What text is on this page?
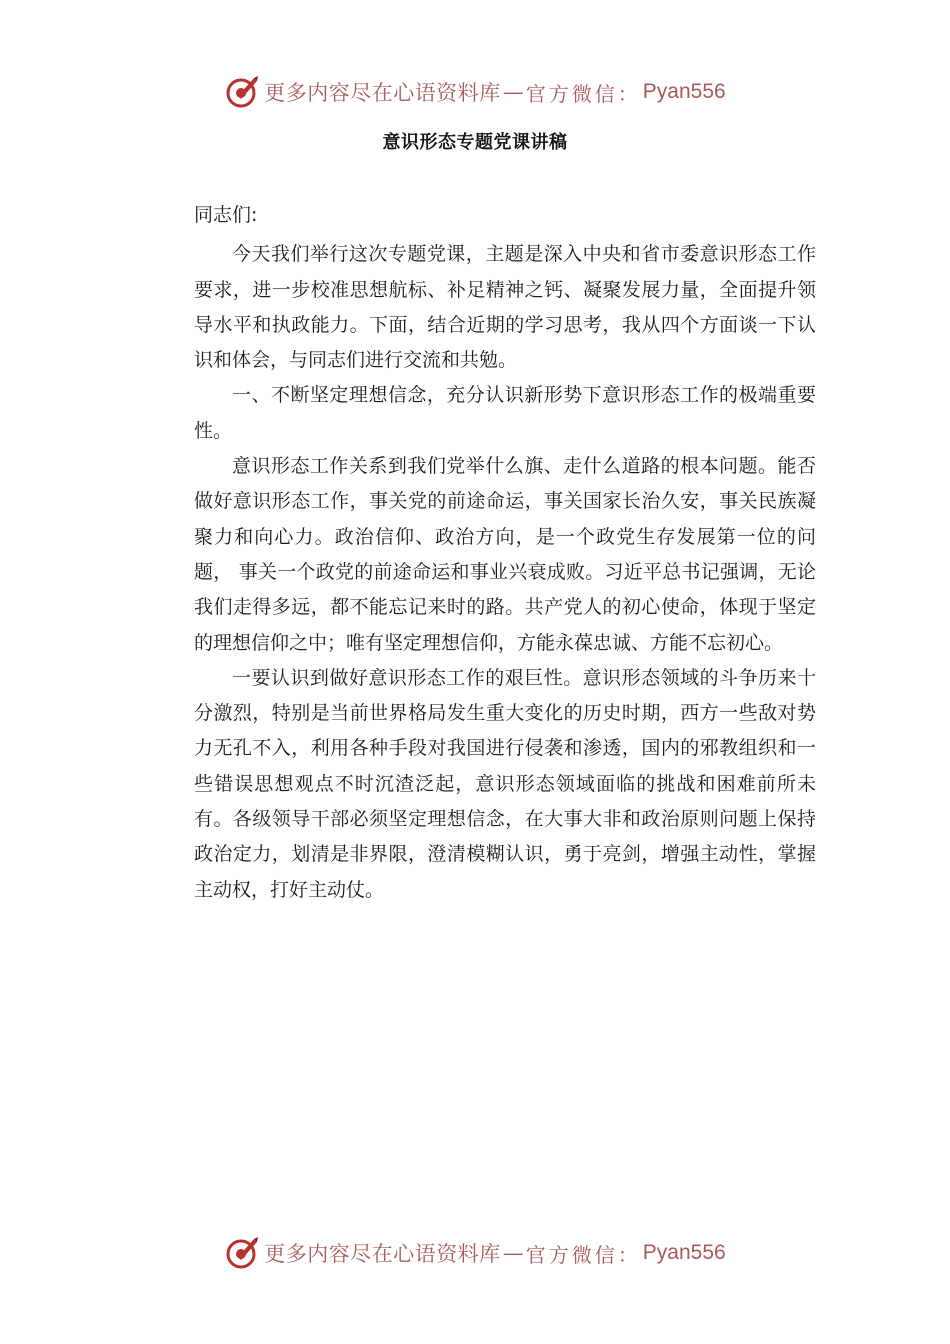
更多内容尽在心语资料库 — 官方微信： Pyan556
意识形态专题党课讲稿

同志们:

今天我们举行这次专题党课，主题是深入中央和省市委意识形态工作要求，进一步校准思想航标、补足精神之钙、凝聚发展力量，全面提升领导水平和执政能力。下面，结合近期的学习思考，我从四个方面谈一下认识和体会，与同志们进行交流和共勉。

一、不断坚定理想信念，充分认识新形势下意识形态工作的极端重要性。

意识形态工作关系到我们党举什么旗、走什么道路的根本问题。能否做好意识形态工作，事关党的前途命运，事关国家长治久安，事关民族凝聚力和向心力。政治信仰、政治方向，是一个政党生存发展第一位的问题， 事关一个政党的前途命运和事业兴衰成败。习近平总书记强调，无论我们走得多远，都不能忘记来时的路。共产党人的初心使命，体现于坚定的理想信仰之中；唯有坚定理想信仰，方能永葆忠诚、方能不忘初心。

一要认识到做好意识形态工作的艰巨性。意识形态领域的斗争历来十分激烈，特别是当前世界格局发生重大变化的历史时期，西方一些敌对势力无孔不入，利用各种手段对我国进行侵袭和渗透，国内的邪教组织和一些错误思想观点不时沉渣泛起，意识形态领域面临的挑战和困难前所未有。各级领导干部必须坚定理想信念，在大事大非和政治原则问题上保持政治定力，划清是非界限，澄清模糊认识，勇于亮剑，增强主动性，掌握主动权，打好主动仗。

更多内容尽在心语资料库 — 官方微信： Pyan556
